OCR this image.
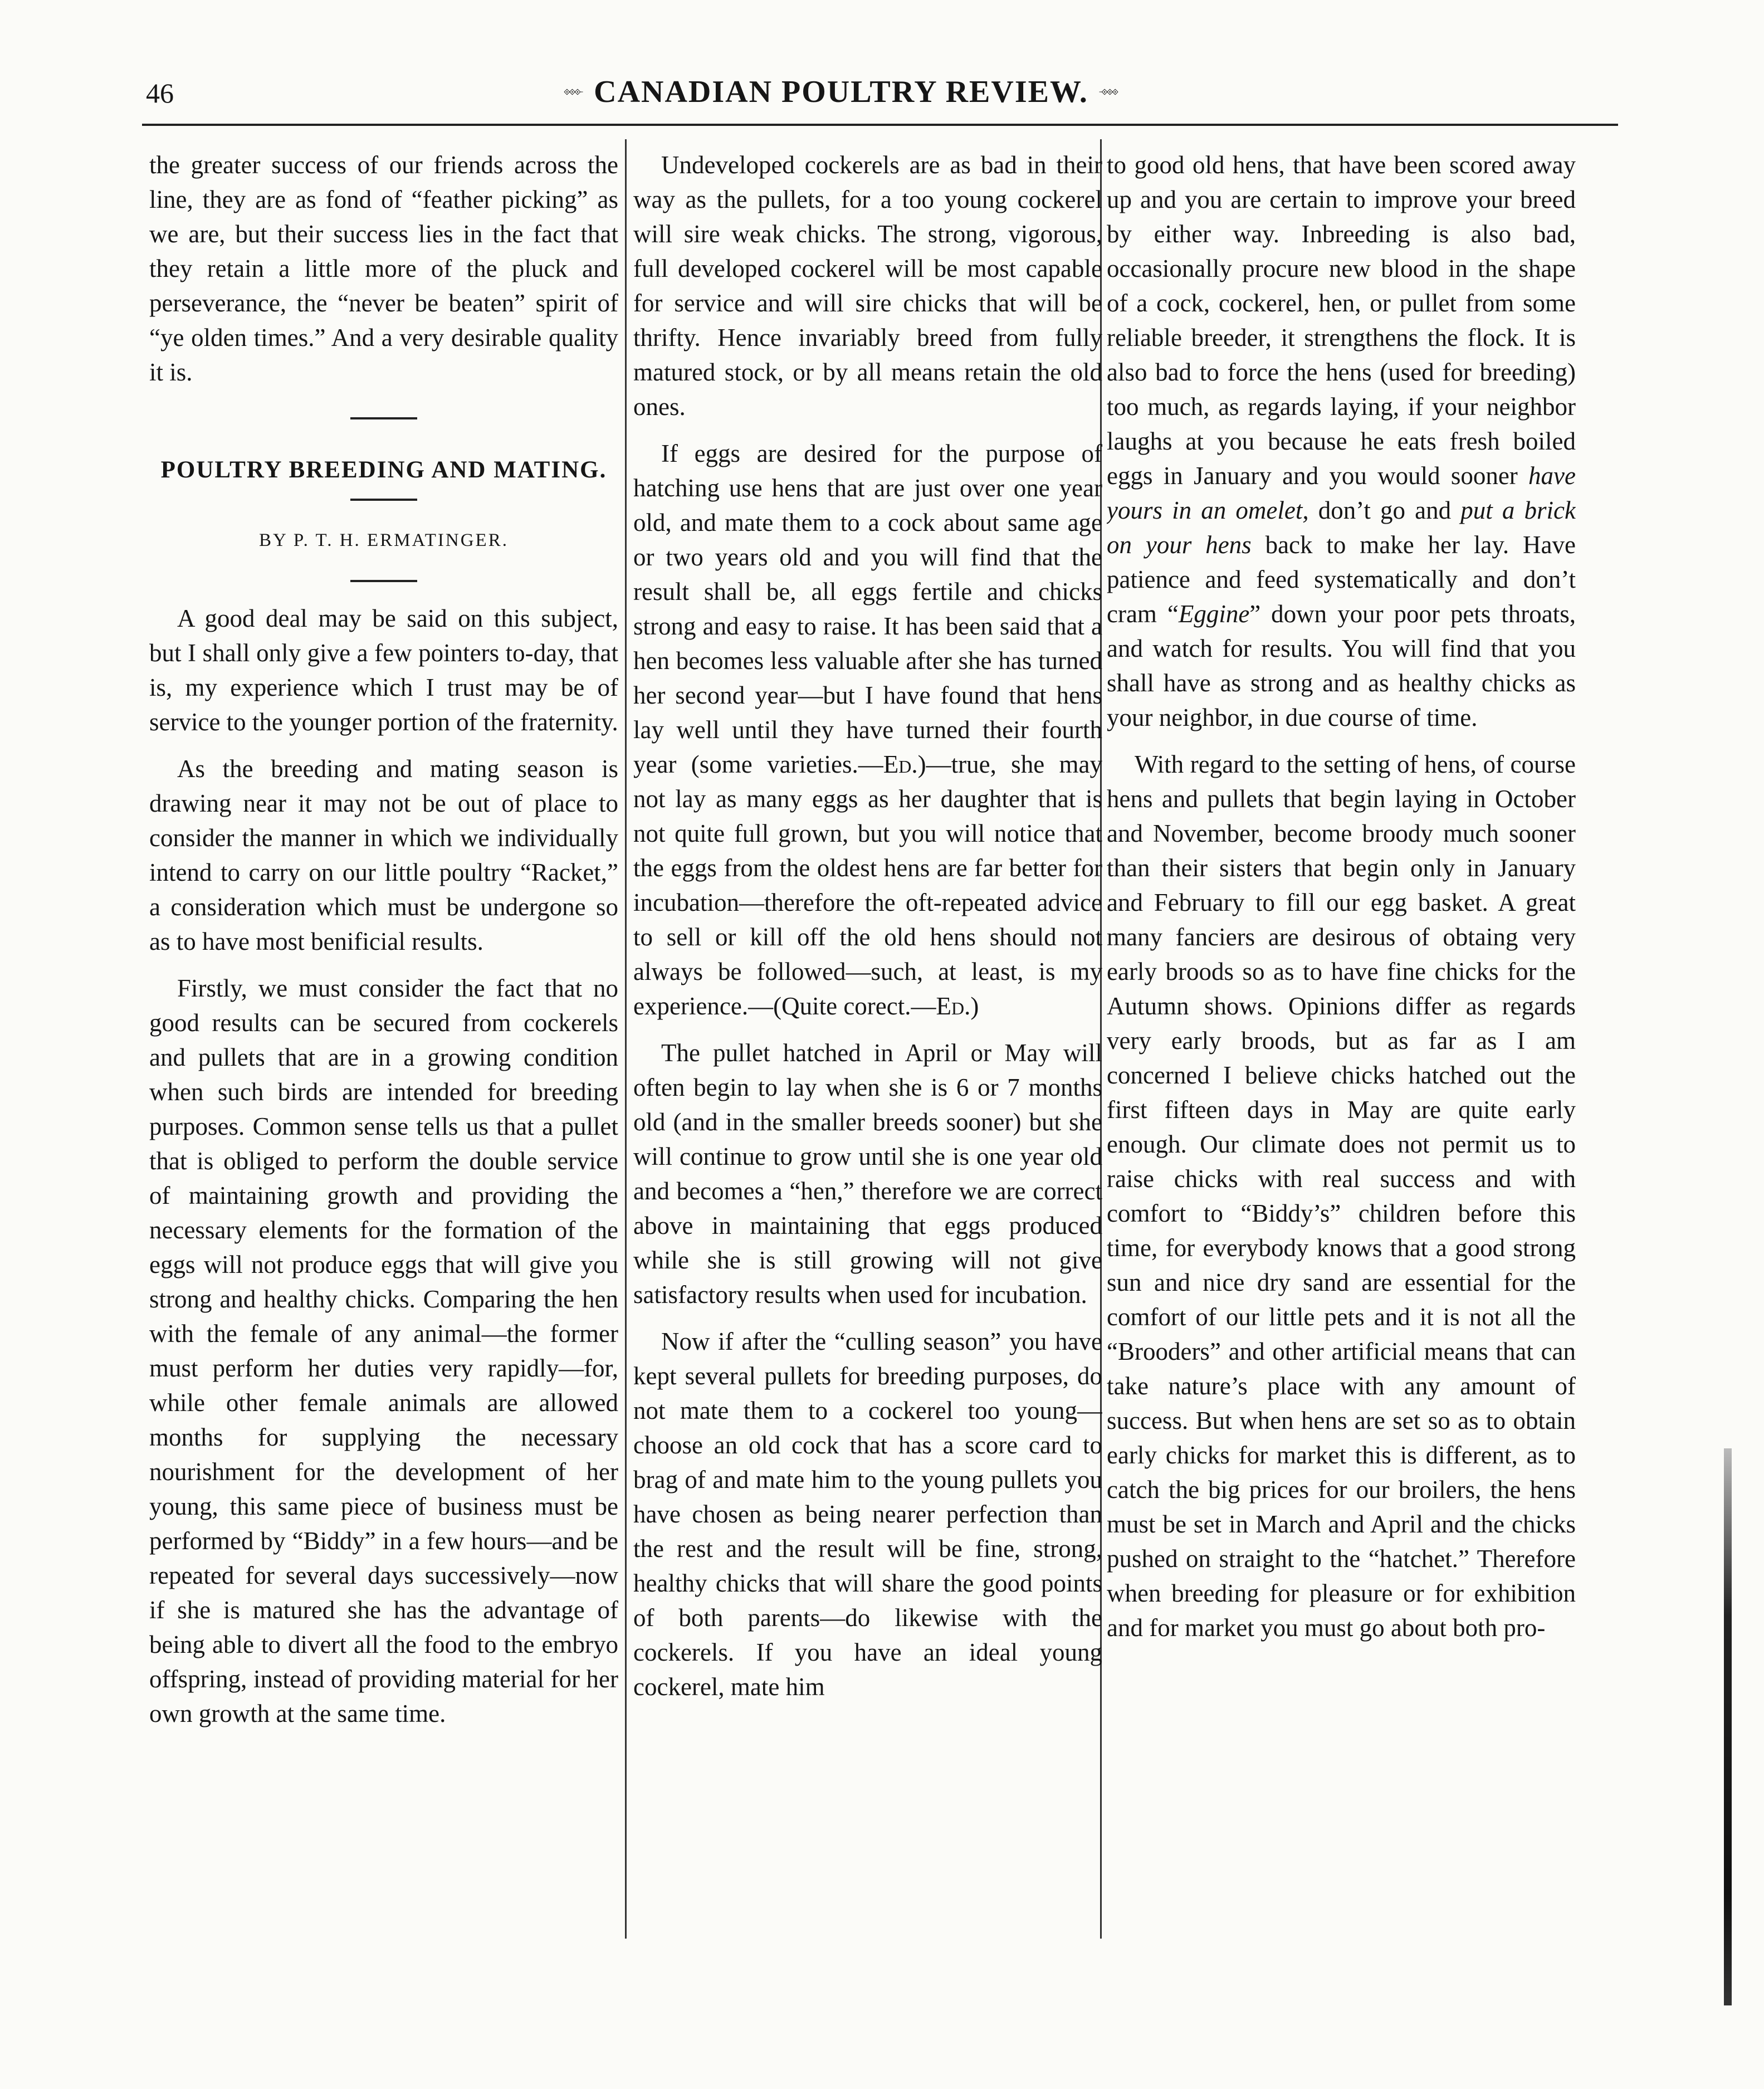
46	CANADIAN POULTRY REVIEW.

the greater success of our friends across the line, they are as fond of “feather picking” as we are, but their success lies in the fact that they retain a little more of the pluck and perseverance, the “never be beaten” spirit of “ye olden times.” And a very desirable quality it is.

POULTRY BREEDING AND MATING.
BY P. T. H. ERMATINGER.

A good deal may be said on this subject, but I shall only give a few pointers to-day, that is, my experience which I trust may be of service to the younger portion of the fraternity.

As the breeding and mating season is drawing near it may not be out of place to consider the manner in which we individually intend to carry on our little poultry “Racket,” a consideration which must be undergone so as to have most benificial results.

Firstly, we must consider the fact that no good results can be secured from cockerels and pullets that are in a growing condition when such birds are intended for breeding purposes. Common sense tells us that a pullet that is obliged to perform the double service of maintaining growth and providing the necessary elements for the formation of the eggs will not produce eggs that will give you strong and healthy chicks. Comparing the hen with the female of any animal—the former must perform her duties very rapidly—for, while other female animals are allowed months for supplying the necessary nourishment for the development of her young, this same piece of business must be performed by “Biddy” in a few hours—and be repeated for several days successively—now if she is matured she has the advantage of being able to divert all the food to the embryo offspring, instead of providing material for her own growth at the same time.

Undeveloped cockerels are as bad in their way as the pullets, for a too young cockerel will sire weak chicks. The strong, vigorous, full developed cockerel will be most capable for service and will sire chicks that will be thrifty. Hence invariably breed from fully matured stock, or by all means retain the old ones.

If eggs are desired for the purpose of hatching use hens that are just over one year old, and mate them to a cock about same age or two years old and you will find that the result shall be, all eggs fertile and chicks strong and easy to raise. It has been said that a hen becomes less valuable after she has turned her second year—but I have found that hens lay well until they have turned their fourth year (some varieties.—Ed.)—true, she may not lay as many eggs as her daughter that is not quite full grown, but you will notice that the eggs from the oldest hens are far better for incubation—therefore the oft-repeated advice to sell or kill off the old hens should not always be followed—such, at least, is my experience.—(Quite corect.—Ed.)

The pullet hatched in April or May will often begin to lay when she is 6 or 7 months old (and in the smaller breeds sooner) but she will continue to grow until she is one year old and becomes a “hen,” therefore we are correct above in maintaining that eggs produced while she is still growing will not give satisfactory results when used for incubation.

Now if after the “culling season” you have kept several pullets for breeding purposes, do not mate them to a cockerel too young—choose an old cock that has a score card to brag of and mate him to the young pullets you have chosen as being nearer perfection than the rest and the result will be fine, strong, healthy chicks that will share the good points of both parents—do likewise with the cockerels. If you have an ideal young cockerel, mate him

to good old hens, that have been scored away up and you are certain to improve your breed by either way. Inbreeding is also bad, occasionally procure new blood in the shape of a cock, cockerel, hen, or pullet from some reliable breeder, it strengthens the flock. It is also bad to force the hens (used for breeding) too much, as regards laying, if your neighbor laughs at you because he eats fresh boiled eggs in January and you would sooner have yours in an omelet, don’t go and put a brick on your hens back to make her lay. Have patience and feed systematically and don’t cram “Eggine” down your poor pets throats, and watch for results. You will find that you shall have as strong and as healthy chicks as your neighbor, in due course of time.

With regard to the setting of hens, of course hens and pullets that begin laying in October and November, become broody much sooner than their sisters that begin only in January and February to fill our egg basket. A great many fanciers are desirous of obtaing very early broods so as to have fine chicks for the Autumn shows. Opinions differ as regards very early broods, but as far as I am concerned I believe chicks hatched out the first fifteen days in May are quite early enough. Our climate does not permit us to raise chicks with real success and with comfort to “Biddy’s” children before this time, for everybody knows that a good strong sun and nice dry sand are essential for the comfort of our little pets and it is not all the “Brooders” and other artificial means that can take nature’s place with any amount of success. But when hens are set so as to obtain early chicks for market this is different, as to catch the big prices for our broilers, the hens must be set in March and April and the chicks pushed on straight to the “hatchet.” Therefore when breeding for pleasure or for exhibition and for market you must go about both pro-
